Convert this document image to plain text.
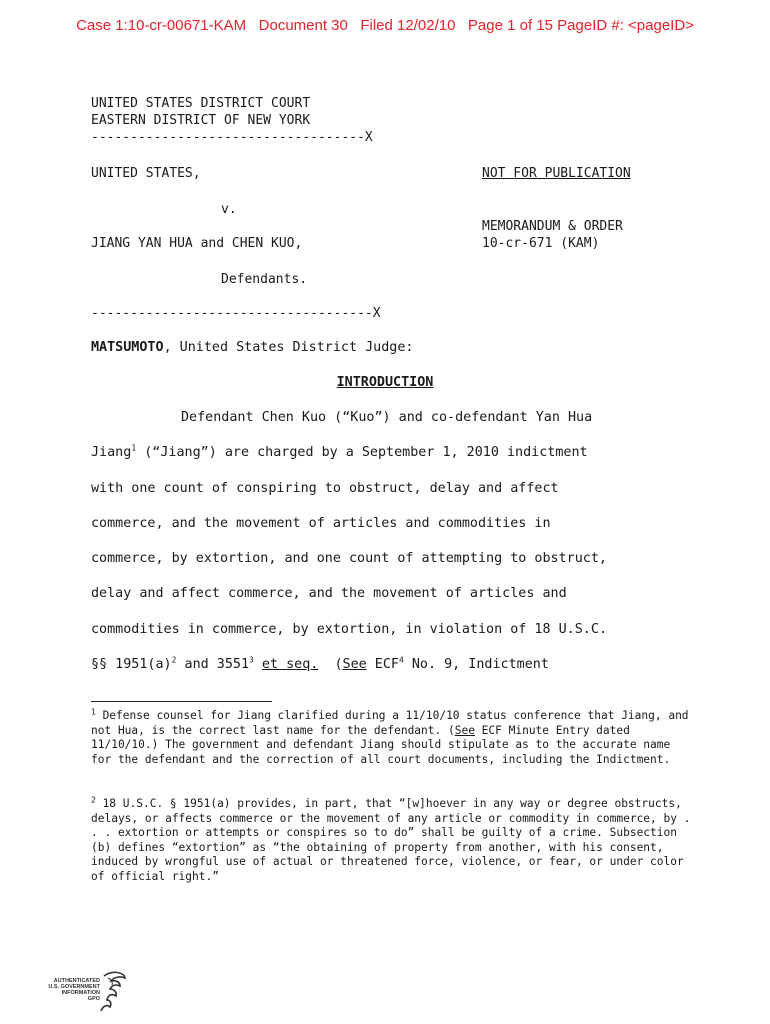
Case 1:10-cr-00671-KAM   Document 30   Filed 12/02/10   Page 1 of 15 PageID #: <pageID>
UNITED STATES DISTRICT COURT
EASTERN DISTRICT OF NEW YORK
-----------------------------------X
UNITED STATES,	NOT FOR PUBLICATION
v.
MEMORANDUM & ORDER
JIANG YAN HUA and CHEN KUO,	10-cr-671 (KAM)
Defendants.
------------------------------------X
MATSUMOTO, United States District Judge:
INTRODUCTION
Defendant Chen Kuo (“Kuo”) and co-defendant Yan Hua
Jiang$^1$ (“Jiang”) are charged by a September 1, 2010 indictment
with one count of conspiring to obstruct, delay and affect
commerce, and the movement of articles and commodities in
commerce, by extortion, and one count of attempting to obstruct,
delay and affect commerce, and the movement of articles and
commodities in commerce, by extortion, in violation of 18 U.S.C.
§§ $1951(a)^2$ and 3551$^3$ et seq.  (See ECF$^4$ No. 9, Indictment
$^1$ Defense counsel for Jiang clarified during a 11/10/10 status conference that Jiang, and not Hua, is the correct last name for the defendant. (See ECF Minute Entry dated 11/10/10.) The government and defendant Jiang should stipulate as to the accurate name for the defendant and the correction of all court documents, including the Indictment.
$^2$ 18 U.S.C. § 1951(a) provides, in part, that “[w]hoever in any way or degree obstructs, delays, or affects commerce or the movement of any article or commodity in commerce, by . . . extortion or attempts or conspires so to do” shall be guilty of a crime. Subsection (b) defines “extortion” as “the obtaining of property from another, with his consent, induced by wrongful use of actual or threatened force, violence, or fear, or under color of official right.”

AUTHENTICATED
U.S. GOVERNMENT
INFORMATION
GPO
